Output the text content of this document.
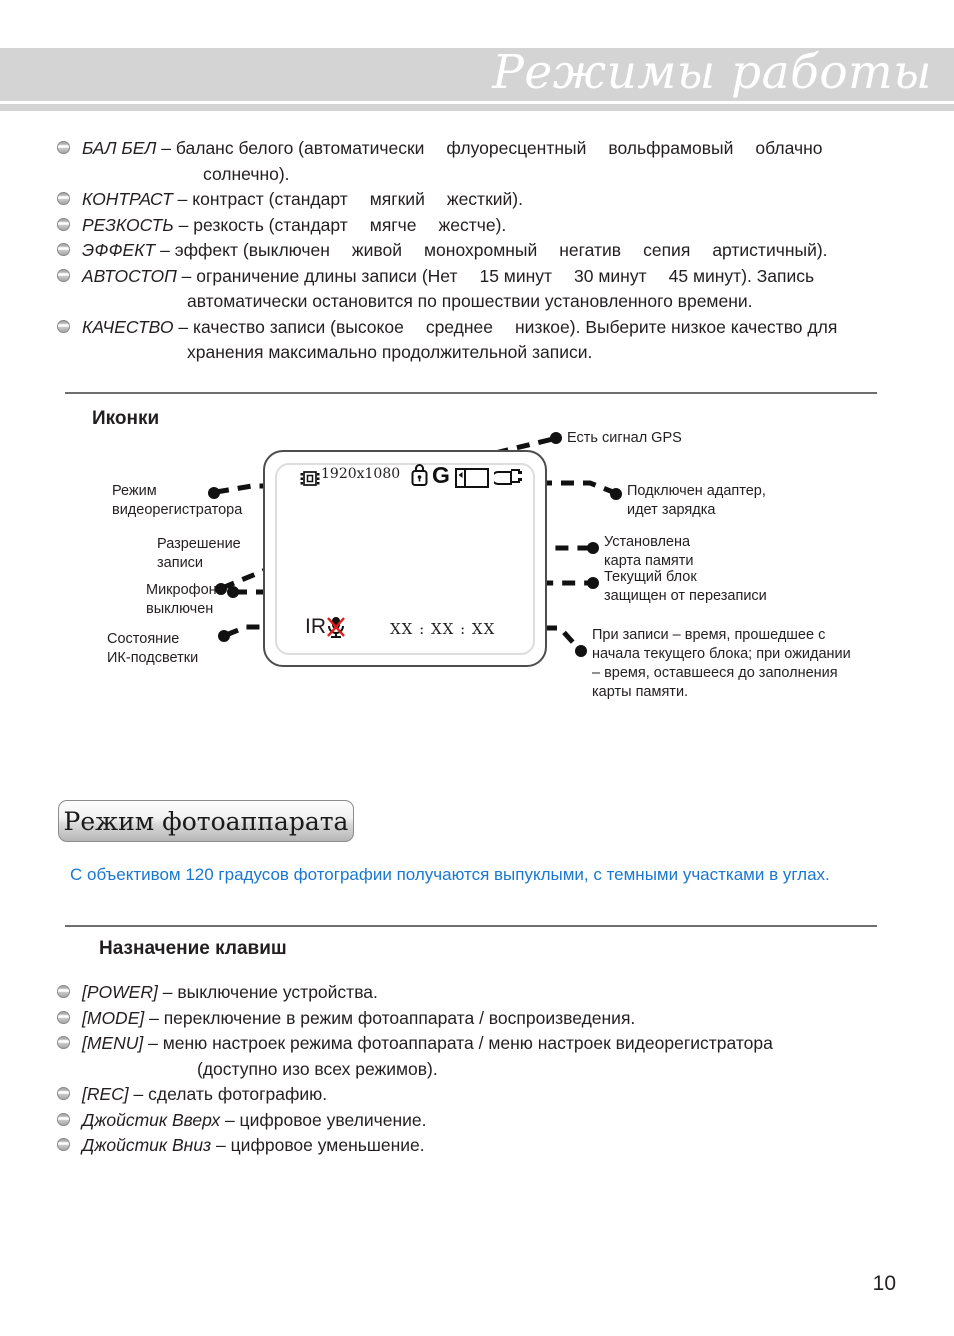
Режимы работы
БАЛ БЕЛ – баланс белого (автоматически флуоресцентный вольфрамовый облачно
солнечно).
КОНТРАСТ – контраст (стандарт мягкий жесткий).
РЕЗКОСТЬ – резкость (стандарт мягче жестче).
ЭФФЕКТ – эффект (выключен живой монохромный негатив сепия артистичный).
АВТОСТОП – ограничение длины записи (Нет 15 минут 30 минут 45 минут). Запись
автоматически остановится по прошествии установленного времени.
КАЧЕСТВО – качество записи (высокое среднее низкое). Выберите низкое качество для
хранения максимально продолжительной записи.
Иконки
1920x1080 G
IR	XX : XX : XX
Режим
видеорегистратора
Разрешение
записи
Микрофон
выключен
Состояние
ИК-подсветки
Есть сигнал GPS
Подключен адаптер,
идет зарядка
Установлена
карта памяти
Текущий блок
защищен от перезаписи
При записи – время, прошедшее с
начала текущего блока; при ожидании
– время, оставшееся до заполнения
карты памяти.
Режим фотоаппарата
С объективом 120 градусов фотографии получаются выпуклыми, с темными участками в углах.
Назначение клавиш
[POWER] – выключение устройства.
[MODE] – переключение в режим фотоаппарата / воспроизведения.
[MENU] – меню настроек режима фотоаппарата / меню настроек видеорегистратора
(доступно изо всех режимов).
[REC] – сделать фотографию.
Джойстик Вверх – цифровое увеличение.
Джойстик Вниз – цифровое уменьшение.
10
